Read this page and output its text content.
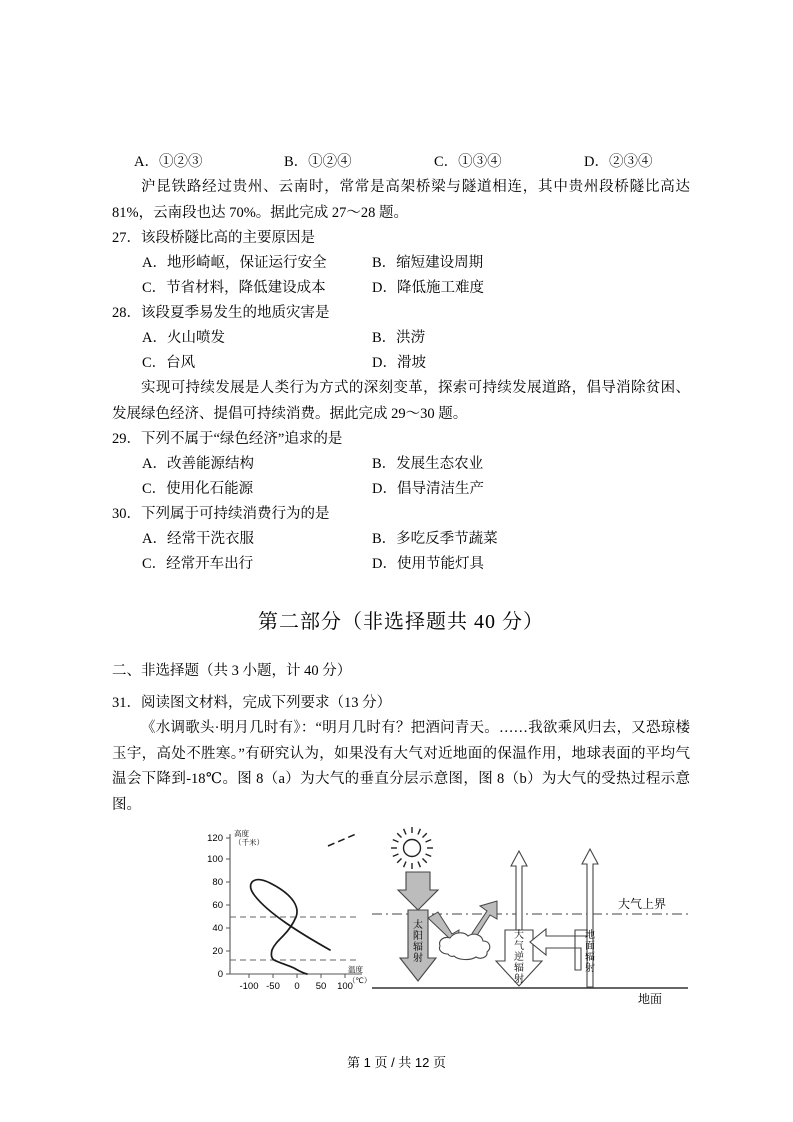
A．①②③	B．①②④	C．①③④	D．②③④
沪昆铁路经过贵州、云南时，常常是高架桥梁与隧道相连，其中贵州段桥隧比高达 81%，云南段也达 70%。据此完成 27～28 题。
27．该段桥隧比高的主要原因是
A．地形崎岖，保证运行安全	B．缩短建设周期
C．节省材料，降低建设成本	D．降低施工难度
28．该段夏季易发生的地质灾害是
A．火山喷发	B．洪涝
C．台风	D．滑坡
实现可持续发展是人类行为方式的深刻变革，探索可持续发展道路，倡导消除贫困、发展绿色经济、提倡可持续消费。据此完成 29～30 题。
29．下列不属于“绿色经济”追求的是
A．改善能源结构	B．发展生态农业
C．使用化石能源	D．倡导清洁生产
30．下列属于可持续消费行为的是
A．经常干洗衣服	B．多吃反季节蔬菜
C．经常开车出行	D．使用节能灯具
第二部分（非选择题共 40 分）
二、非选择题（共 3 小题，计 40 分）
31．阅读图文材料，完成下列要求（13 分）
《水调歌头·明月几时有》：“明月几时有？把酒问青天。……我欲乘风归去，又恐琼楼玉宇，高处不胜寒。”有研究认为，如果没有大气对近地面的保温作用，地球表面的平均气温会下降到-18℃。图 8（a）为大气的垂直分层示意图，图 8（b）为大气的受热过程示意图。
0
20
40
60
80
100
120
-100 -50 0 50 100
高度
（千米）
温度
（℃）
大气上界
地面
太
阳
辐
射
大
气
逆
辐
射
地
面
辐
射
第 1 页 / 共 12 页
